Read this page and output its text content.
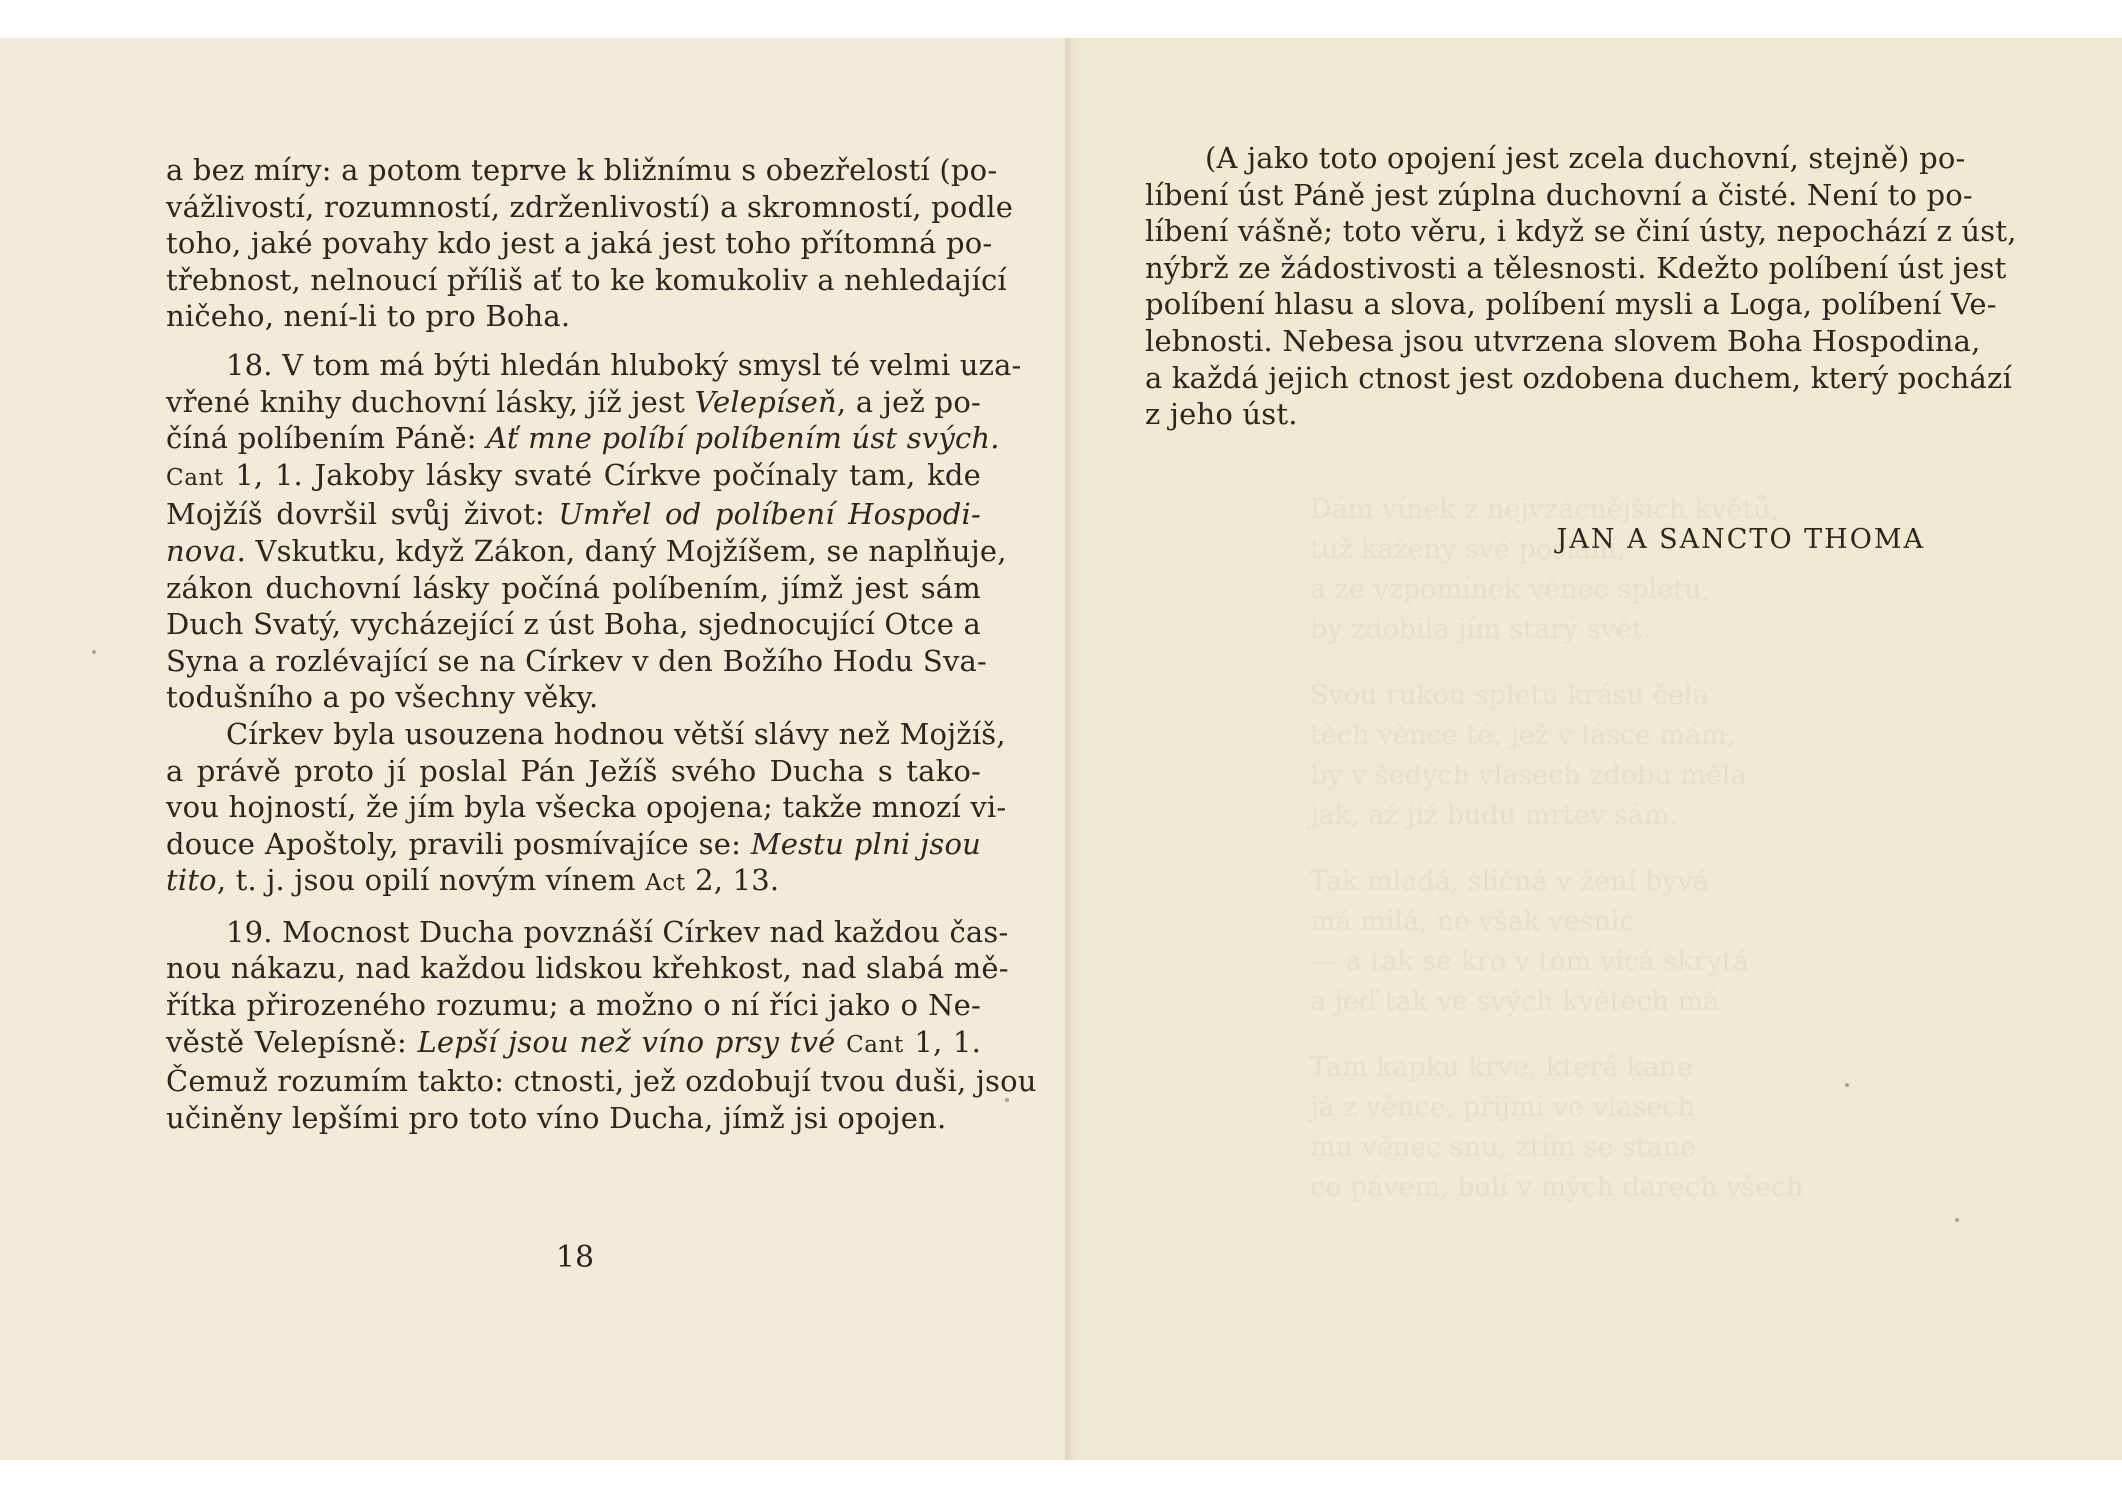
Dám vínek z nejvzácnějších květů,
tuž kaženy své poslání,
a ze vzpomínek věnec spletu,
by zdobila jím starý svět.
Svou rukou spletu krásu čela
těch věnce té, jež v lásce mám,
by v šedých vlasech zdobu měla
jak, až již budu mrtev sám.
Tak mladá, sličná v žení byvá
má milá, ne však vesnic
— a tak se kro v tom vícá skrytá
a jeď tak ve svých květech má
Tam kapku krve, která kane
já z věnce, přijmi ve vlasech
mu věnec snu, ztím se stane
co pávem, bolí v mých darech všech
a bez míry: a potom teprve k bližnímu s obezřelostí (po-
vážlivostí, rozumností, zdrženlivostí) a skromností, podle
toho, jaké povahy kdo jest a jaká jest toho přítomná po-
třebnost, nelnoucí příliš ať to ke komukoliv a nehledající
ničeho, není-li to pro Boha.
18. V tom má býti hledán hluboký smysl té velmi uza-
vřené knihy duchovní lásky, jíž jest Velepíseň, a jež po-
číná políbením Páně: Ať mne políbí políbením úst svých.
Cant 1, 1. Jakoby lásky svaté Církve počínaly tam, kde
Mojžíš dovršil svůj život: Umřel od políbení Hospodi-
nova. Vskutku, když Zákon, daný Mojžíšem, se naplňuje,
zákon duchovní lásky počíná políbením, jímž jest sám
Duch Svatý, vycházející z úst Boha, sjednocující Otce a
Syna a rozlévající se na Církev v den Božího Hodu Sva-
todušního a po všechny věky.
Církev byla usouzena hodnou větší slávy než Mojžíš,
a právě proto jí poslal Pán Ježíš svého Ducha s tako-
vou hojností, že jím byla všecka opojena; takže mnozí vi-
douce Apoštoly, pravili posmívajíce se: Mestu plni jsou
tito, t. j. jsou opilí novým vínem Act 2, 13.
19. Mocnost Ducha povznáší Církev nad každou čas-
nou nákazu, nad každou lidskou křehkost, nad slabá mě-
řítka přirozeného rozumu; a možno o ní říci jako o Ne-
věstě Velepísně: Lepší jsou než víno prsy tvé Cant 1, 1.
Čemuž rozumím takto: ctnosti, jež ozdobují tvou duši, jsou
učiněny lepšími pro toto víno Ducha, jímž jsi opojen.
18
(A jako toto opojení jest zcela duchovní, stejně) po-
líbení úst Páně jest zúplna duchovní a čisté. Není to po-
líbení vášně; toto věru, i když se činí ústy, nepochází z úst,
nýbrž ze žádostivosti a tělesnosti. Kdežto políbení úst jest
políbení hlasu a slova, políbení mysli a Loga, políbení Ve-
lebnosti. Nebesa jsou utvrzena slovem Boha Hospodina,
a každá jejich ctnost jest ozdobena duchem, který pochází
z jeho úst.
JAN A SANCTO THOMA
